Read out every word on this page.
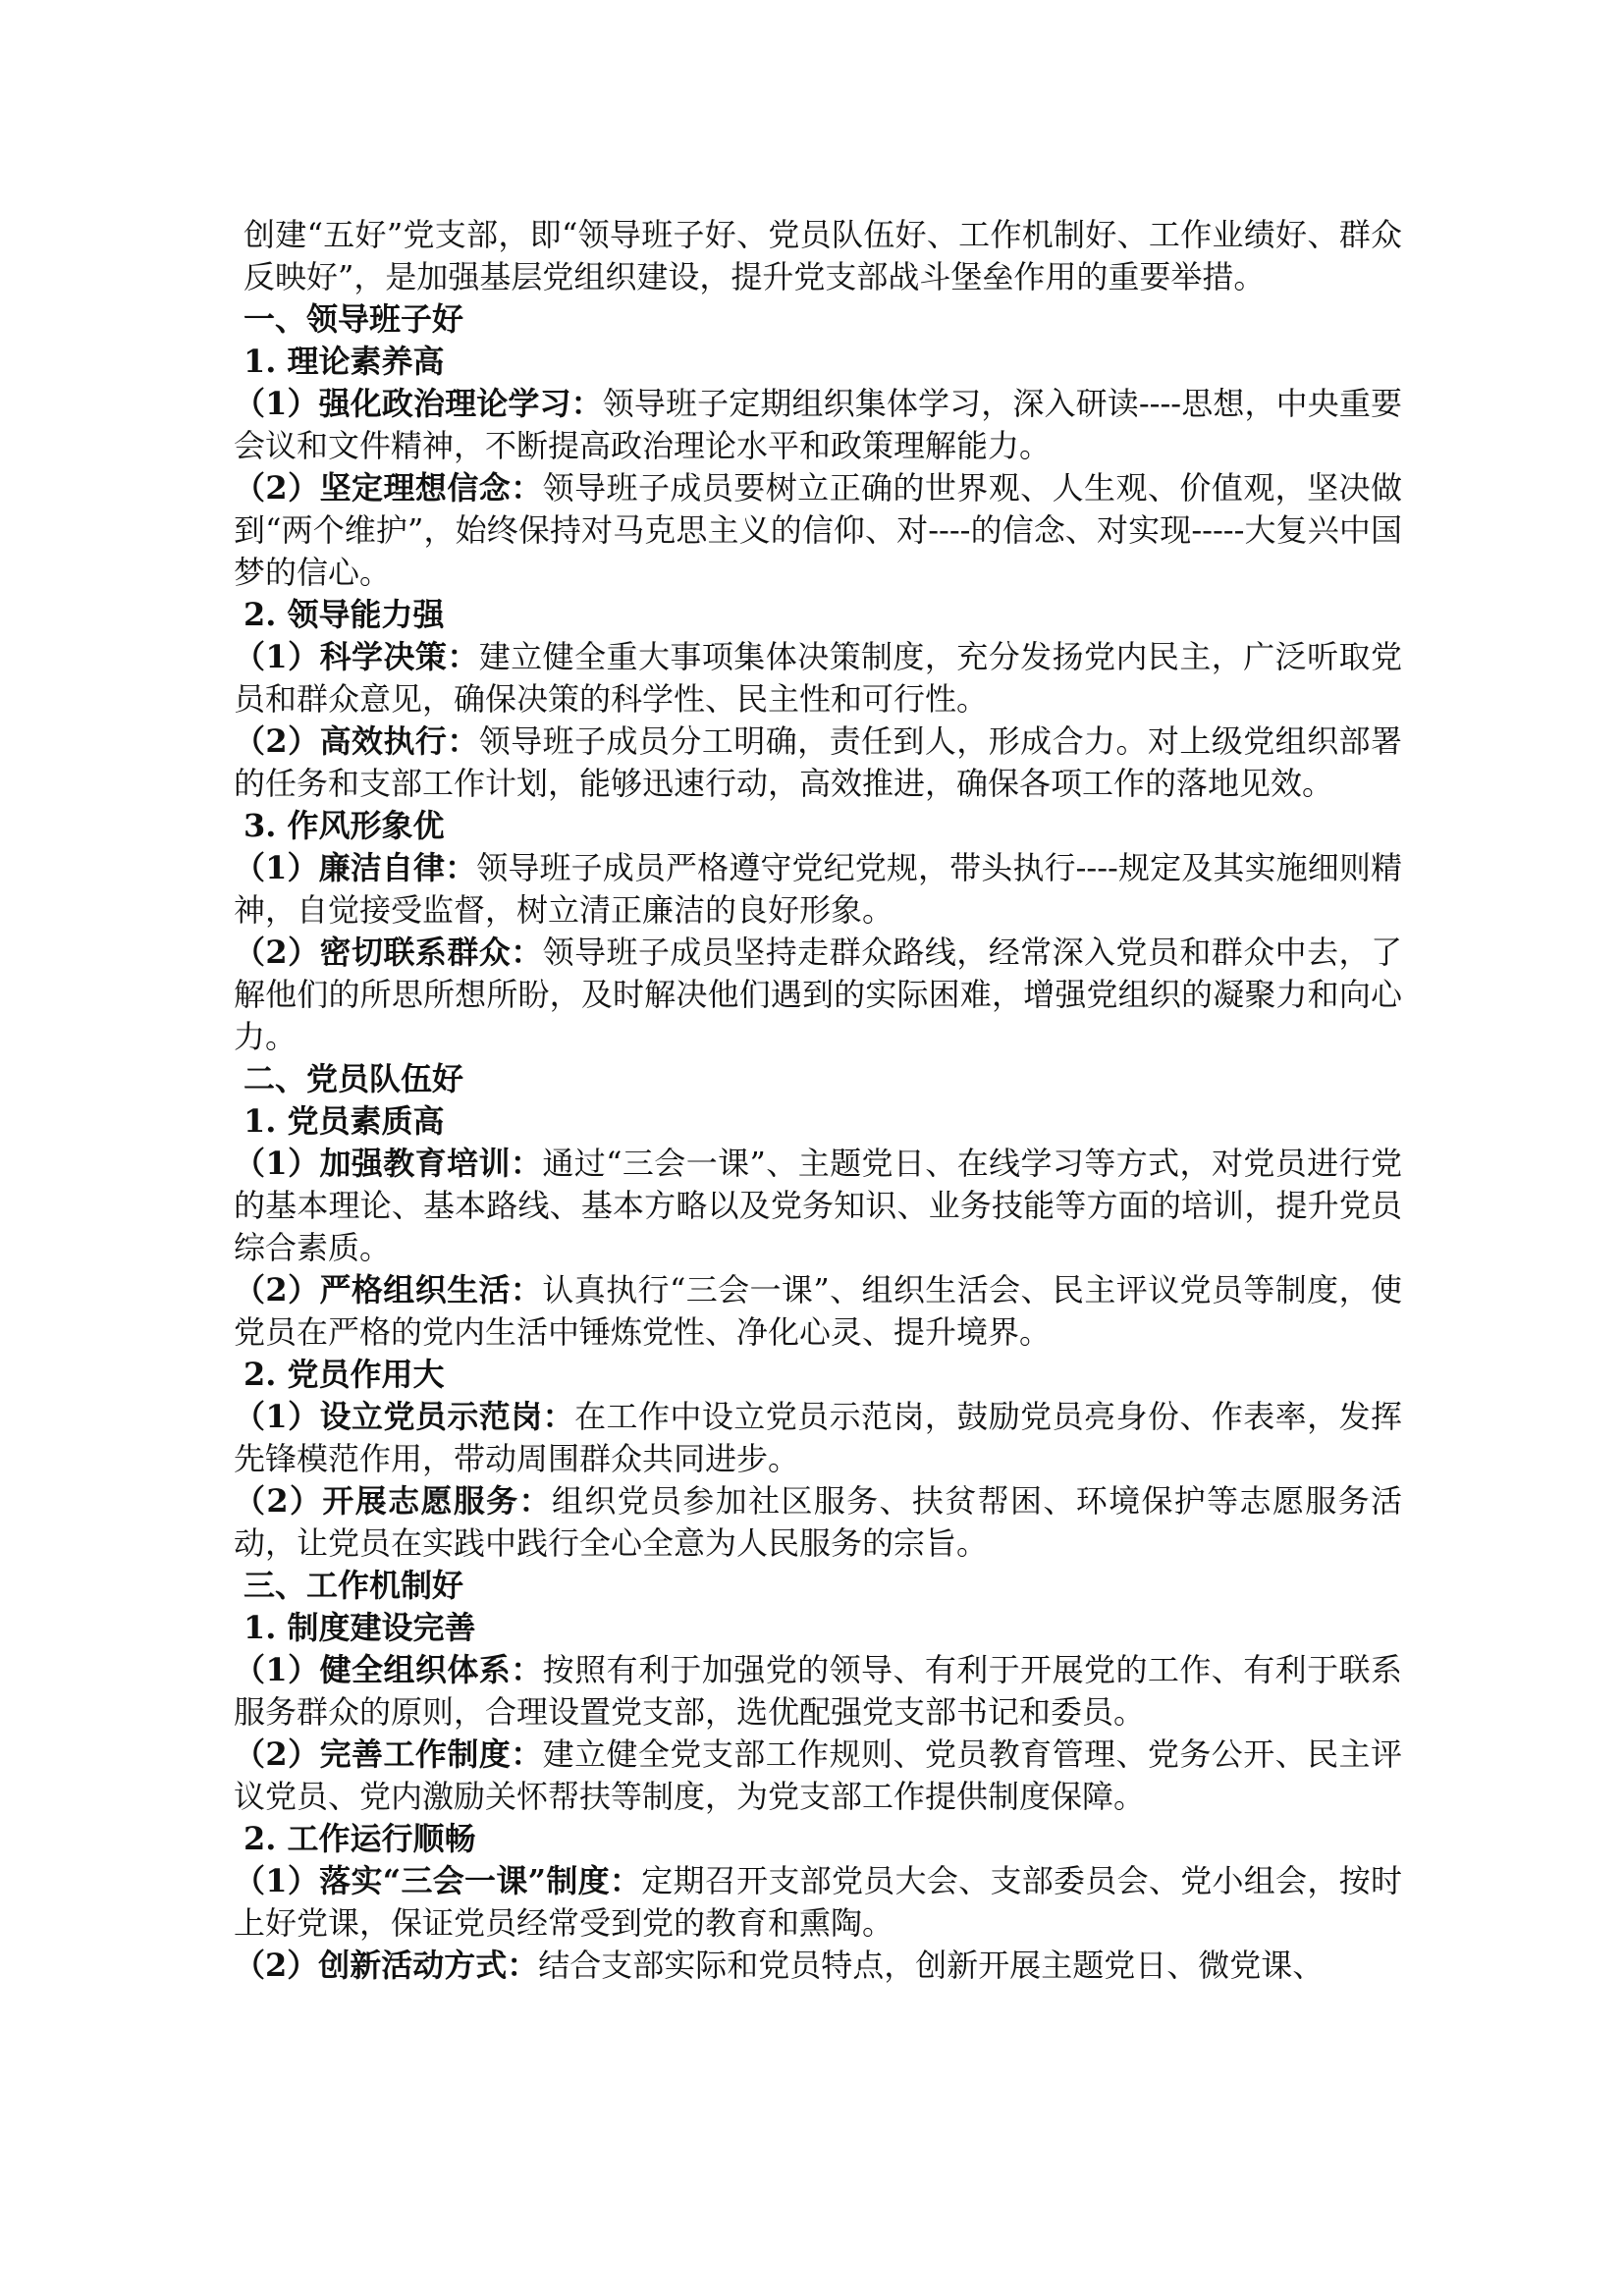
创建“五好”党支部，即“领导班子好、党员队伍好、工作机制好、工作业绩好、群众反映好”，是加强基层党组织建设，提升党支部战斗堡垒作用的重要举措。

一、领导班子好

1. 理论素养高

（1）强化政治理论学习：领导班子定期组织集体学习，深入研读----思想，中央重要会议和文件精神，不断提高政治理论水平和政策理解能力。

（2）坚定理想信念：领导班子成员要树立正确的世界观、人生观、价值观，坚决做到“两个维护”，始终保持对马克思主义的信仰、对----的信念、对实现-----大复兴中国梦的信心。

2. 领导能力强

（1）科学决策：建立健全重大事项集体决策制度，充分发扬党内民主，广泛听取党员和群众意见，确保决策的科学性、民主性和可行性。

（2）高效执行：领导班子成员分工明确，责任到人，形成合力。对上级党组织部署的任务和支部工作计划，能够迅速行动，高效推进，确保各项工作的落地见效。

3. 作风形象优

（1）廉洁自律：领导班子成员严格遵守党纪党规，带头执行----规定及其实施细则精神，自觉接受监督，树立清正廉洁的良好形象。

（2）密切联系群众：领导班子成员坚持走群众路线，经常深入党员和群众中去，了解他们的所思所想所盼，及时解决他们遇到的实际困难，增强党组织的凝聚力和向心力。

二、党员队伍好

1. 党员素质高

（1）加强教育培训：通过“三会一课”、主题党日、在线学习等方式，对党员进行党的基本理论、基本路线、基本方略以及党务知识、业务技能等方面的培训，提升党员综合素质。

（2）严格组织生活：认真执行“三会一课”、组织生活会、民主评议党员等制度，使党员在严格的党内生活中锤炼党性、净化心灵、提升境界。

2. 党员作用大

（1）设立党员示范岗：在工作中设立党员示范岗，鼓励党员亮身份、作表率，发挥先锋模范作用，带动周围群众共同进步。

（2）开展志愿服务：组织党员参加社区服务、扶贫帮困、环境保护等志愿服务活动，让党员在实践中践行全心全意为人民服务的宗旨。

三、工作机制好

1. 制度建设完善

（1）健全组织体系：按照有利于加强党的领导、有利于开展党的工作、有利于联系服务群众的原则，合理设置党支部，选优配强党支部书记和委员。

（2）完善工作制度：建立健全党支部工作规则、党员教育管理、党务公开、民主评议党员、党内激励关怀帮扶等制度，为党支部工作提供制度保障。

2. 工作运行顺畅

（1）落实“三会一课”制度：定期召开支部党员大会、支部委员会、党小组会，按时上好党课，保证党员经常受到党的教育和熏陶。

（2）创新活动方式：结合支部实际和党员特点，创新开展主题党日、微党课、
